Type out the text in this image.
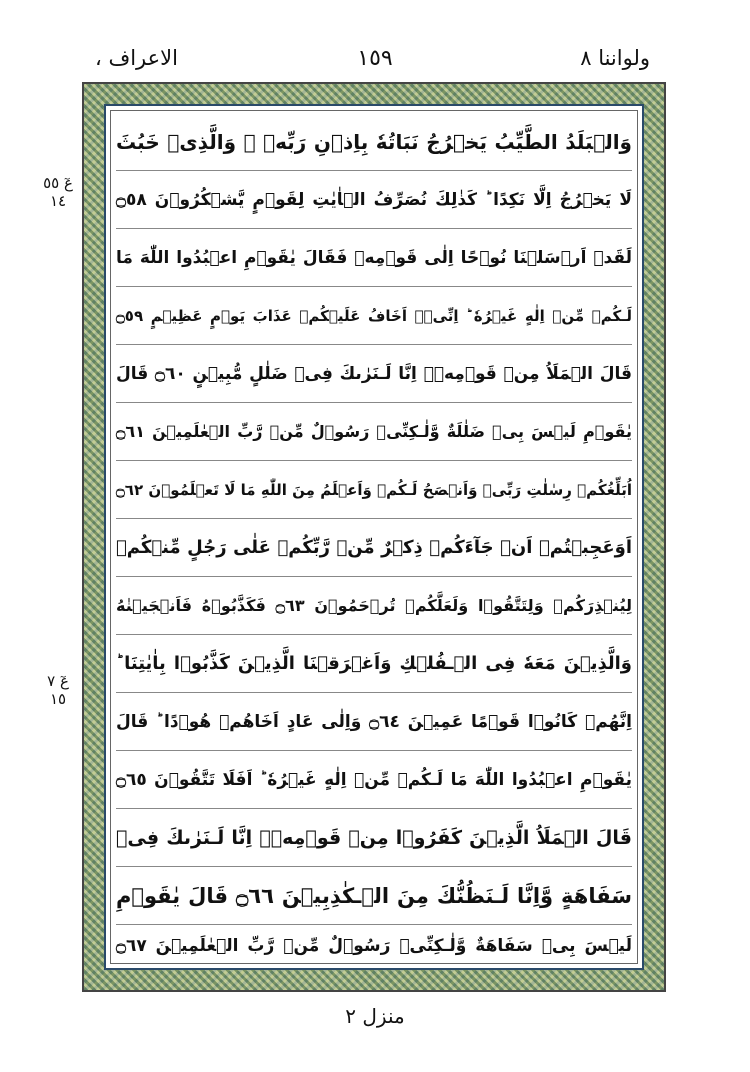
الاعراف ،	١٥٩	ولواننا ٨
عٓ ٥٥ ١٤
عٓ ٧ ١٥
وَالۡبَلَدُ الطَّيِّبُ يَخۡرُجُ نَبَاتُهٗ بِاِذۡنِ رَبِّهٖ ۚ وَالَّذِىۡ خَبُثَ
لَا يَخۡرُجُ اِلَّا نَكِدًا ؕ كَذٰلِكَ نُصَرِّفُ الۡاٰيٰتِ لِقَوۡمٍ يَّشۡكُرُوۡنَ ۝٥٨
لَقَدۡ اَرۡسَلۡنَا نُوۡحًا اِلٰى قَوۡمِهٖ فَقَالَ يٰقَوۡمِ اعۡبُدُوا اللّٰهَ مَا
لَـكُمۡ مِّنۡ اِلٰهٍ غَيۡرُهٗ ؕ اِنِّىۡۤ اَخَافُ عَلَيۡكُمۡ عَذَابَ يَوۡمٍ عَظِيۡمٍ ۝٥٩
قَالَ الۡمَلَاُ مِنۡ قَوۡمِهٖۤ اِنَّا لَـنَرٰٮكَ فِىۡ ضَلٰلٍ مُّبِيۡنٍ ۝٦٠ قَالَ
يٰقَوۡمِ لَيۡسَ بِىۡ ضَلٰلَةٌ وَّلٰـكِنِّىۡ رَسُوۡلٌ مِّنۡ رَّبِّ الۡعٰلَمِيۡنَ ۝٦١
اُبَلِّغُكُمۡ رِسٰلٰتِ رَبِّىۡ وَاَنۡصَحُ لَـكُمۡ وَاَعۡلَمُ مِنَ اللّٰهِ مَا لَا تَعۡلَمُوۡنَ ۝٦٢
اَوَعَجِبۡتُمۡ اَنۡ جَآءَكُمۡ ذِكۡرٌ مِّنۡ رَّبِّكُمۡ عَلٰى رَجُلٍ مِّنۡكُمۡ
لِيُنۡذِرَكُمۡ وَلِتَتَّقُوۡا وَلَعَلَّكُمۡ تُرۡحَمُوۡنَ ۝٦٣ فَكَذَّبُوۡهُ فَاَنۡجَيۡنٰهُ
وَالَّذِيۡنَ مَعَهٗ فِى الۡـفُلۡكِ وَاَغۡرَقۡنَا الَّذِيۡنَ كَذَّبُوۡا بِاٰيٰتِنَا ؕ
اِنَّهُمۡ كَانُوۡا قَوۡمًا عَمِيۡنَ ۝٦٤ وَاِلٰى عَادٍ اَخَاهُمۡ هُوۡدًا ؕ قَالَ
يٰقَوۡمِ اعۡبُدُوا اللّٰهَ مَا لَـكُمۡ مِّنۡ اِلٰهٍ غَيۡرُهٗ ؕ اَفَلَا تَتَّقُوۡنَ ۝٦٥
قَالَ الۡمَلَاُ الَّذِيۡنَ كَفَرُوۡا مِنۡ قَوۡمِهٖۤ اِنَّا لَـنَرٰٮكَ فِىۡ
سَفَاهَةٍ وَّاِنَّا لَـنَظُنُّكَ مِنَ الۡـكٰذِبِيۡنَ ۝٦٦ قَالَ يٰقَوۡمِ
لَيۡسَ بِىۡ سَفَاهَةٌ وَّلٰـكِنِّىۡ رَسُوۡلٌ مِّنۡ رَّبِّ الۡعٰلَمِيۡنَ ۝٦٧
منزل ٢
